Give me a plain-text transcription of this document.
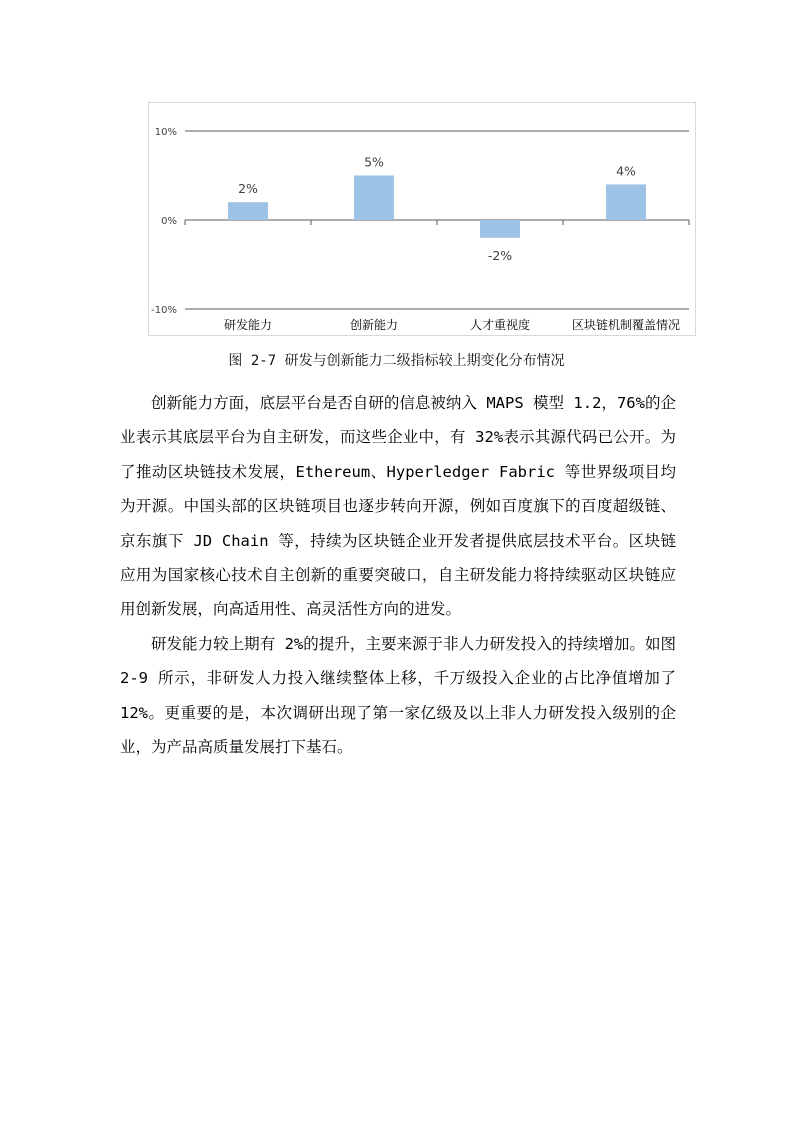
10%
0%
-10%
2%
研发能力
5%
创新能力
-2%
人才重视度
4%
区块链机制覆盖情况
图 2-7 研发与创新能力二级指标较上期变化分布情况

创新能力方面，底层平台是否自研的信息被纳入 MAPS 模型 1.2，76%的企业表示其底层平台为自主研发，而这些企业中，有 32%表示其源代码已公开。为了推动区块链技术发展，Ethereum、Hyperledger Fabric 等世界级项目均为开源。中国头部的区块链项目也逐步转向开源，例如百度旗下的百度超级链、京东旗下 JD Chain 等，持续为区块链企业开发者提供底层技术平台。区块链应用为国家核心技术自主创新的重要突破口，自主研发能力将持续驱动区块链应用创新发展，向高适用性、高灵活性方向的进发。

研发能力较上期有 2%的提升，主要来源于非人力研发投入的持续增加。如图 2-9 所示，非研发人力投入继续整体上移，千万级投入企业的占比净值增加了 12%。更重要的是，本次调研出现了第一家亿级及以上非人力研发投入级别的企业，为产品高质量发展打下基石。
